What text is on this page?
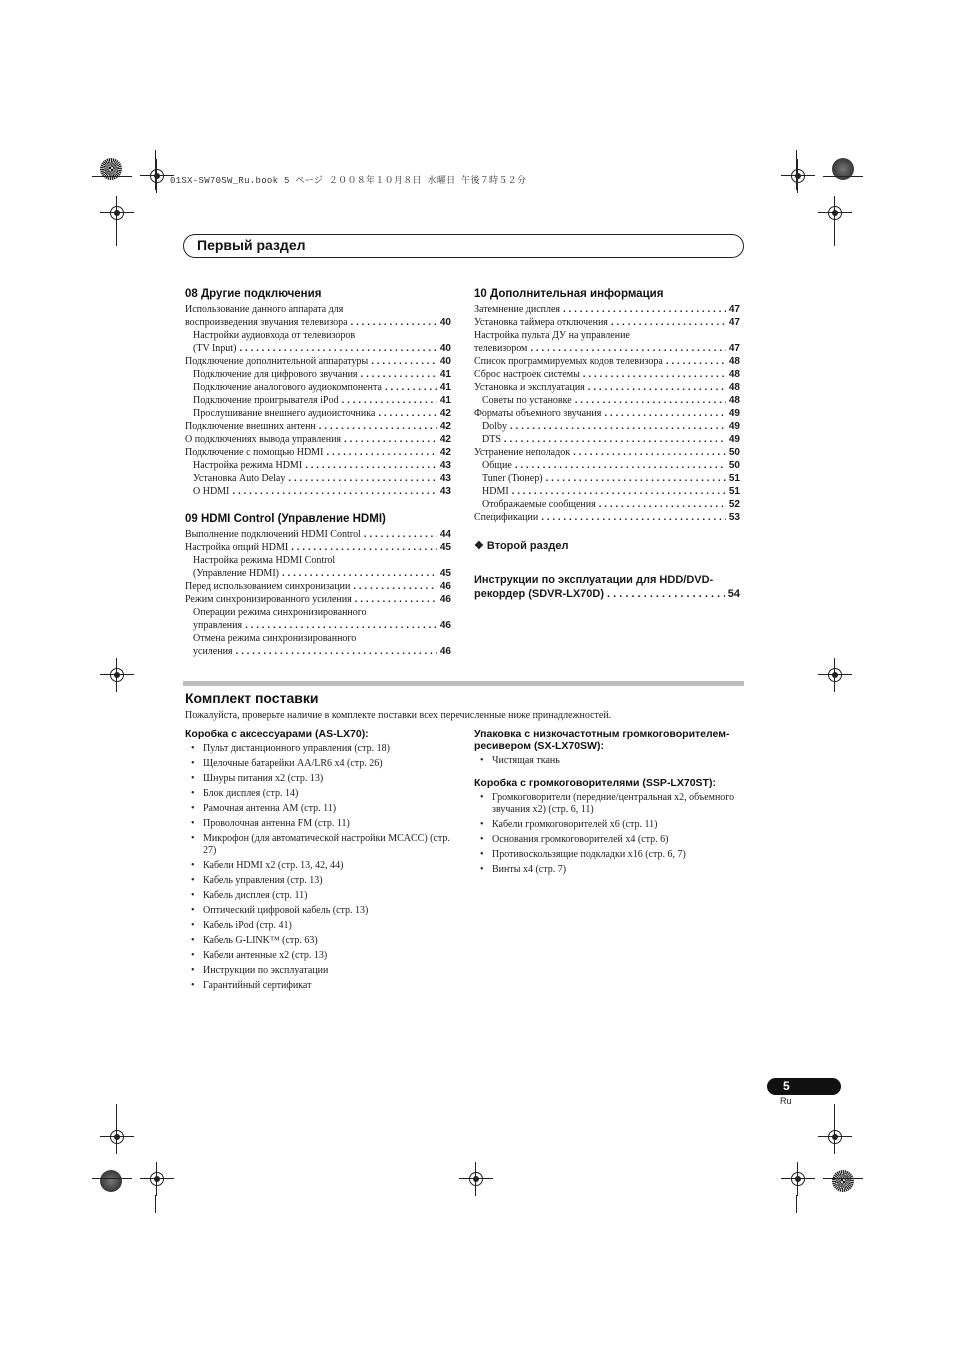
01SX-SW70SW_Ru.book 5 ページ ２００８年１０月８日 水曜日 午後７時５２分
Первый раздел
08 Другие подключения
Использование данного аппарата для
воспроизведения звучания телевизора . . .	40
Настройки аудиовхода от телевизоров
(TV Input) . . .	40
Подключение дополнительной аппаратуры . . .	40
Подключение для цифрового звучания . . .	41
Подключение аналогового аудиокомпонента . . .	41
Подключение проигрывателя iPod . . .	41
Прослушивание внешнего аудиоисточника . . .	42
Подключение внешних антенн . . .	42
О подключениях вывода управления . . .	42
Подключение с помощью HDMI . . .	42
Настройка режима HDMI . . .	43
Установка Auto Delay . . .	43
О HDMI . . .	43
09 HDMI Control (Управление HDMI)
Выполнение подключений HDMI Control . . .	44
Настройка опций HDMI . . .	45
Настройка режима HDMI Control
(Управление HDMI) . . .	45
Перед использованием синхронизации . . .	46
Режим синхронизированного усиления . . .	46
Операции режима синхронизированного
управления . . .	46
Отмена режима синхронизированного
усиления . . .	46
10 Дополнительная информация
Затемнение дисплея . . .	47
Установка таймера отключения . . .	47
Настройка пульта ДУ на управление
телевизором . . .	47
Список программируемых кодов телевизора . . .	48
Сброс настроек системы . . .	48
Установка и эксплуатация . . .	48
Советы по установке . . .	48
Форматы объемного звучания . . .	49
Dolby . . .	49
DTS . . .	49
Устранение неполадок . . .	50
Общие . . .	50
Tuner (Тюнер) . . .	51
HDMI . . .	51
Отображаемые сообщения . . .	52
Спецификации . . .	53
❖ Второй раздел
Инструкции по эксплуатации для HDD/DVD-
рекордер (SDVR-LX70D) . . .	54
Комплект поставки
Пожалуйста, проверьте наличие в комплекте поставки всех перечисленные ниже принадлежностей.
Коробка с аксессуарами (AS-LX70):
• Пульт дистанционного управления (стр. 18)
• Щелочные батарейки AA/LR6 x4 (стр. 26)
• Шнуры питания x2 (стр. 13)
• Блок дисплея (стр. 14)
• Рамочная антенна AM (стр. 11)
• Проволочная антенна FM (стр. 11)
• Микрофон (для автоматической настройки MCACC) (стр. 27)
• Кабели HDMI x2 (стр. 13, 42, 44)
• Кабель управления (стр. 13)
• Кабель дисплея (стр. 11)
• Оптический цифровой кабель (стр. 13)
• Кабель iPod (стр. 41)
• Кабель G-LINK™ (стр. 63)
• Кабели антенные x2 (стр. 13)
• Инструкции по эксплуатации
• Гарантийный сертификат
Упаковка с низкочастотным громкоговорителем-ресивером (SX-LX70SW):
• Чистящая ткань
Коробка с громкоговорителями (SSP-LX70ST):
• Громкоговорители (передние/центральная x2, объемного звучания x2) (стр. 6, 11)
• Кабели громкоговорителей x6 (стр. 11)
• Основания громкоговорителей x4 (стр. 6)
• Противоскользящие подкладки x16 (стр. 6, 7)
• Винты x4 (стр. 7)
5
Ru
